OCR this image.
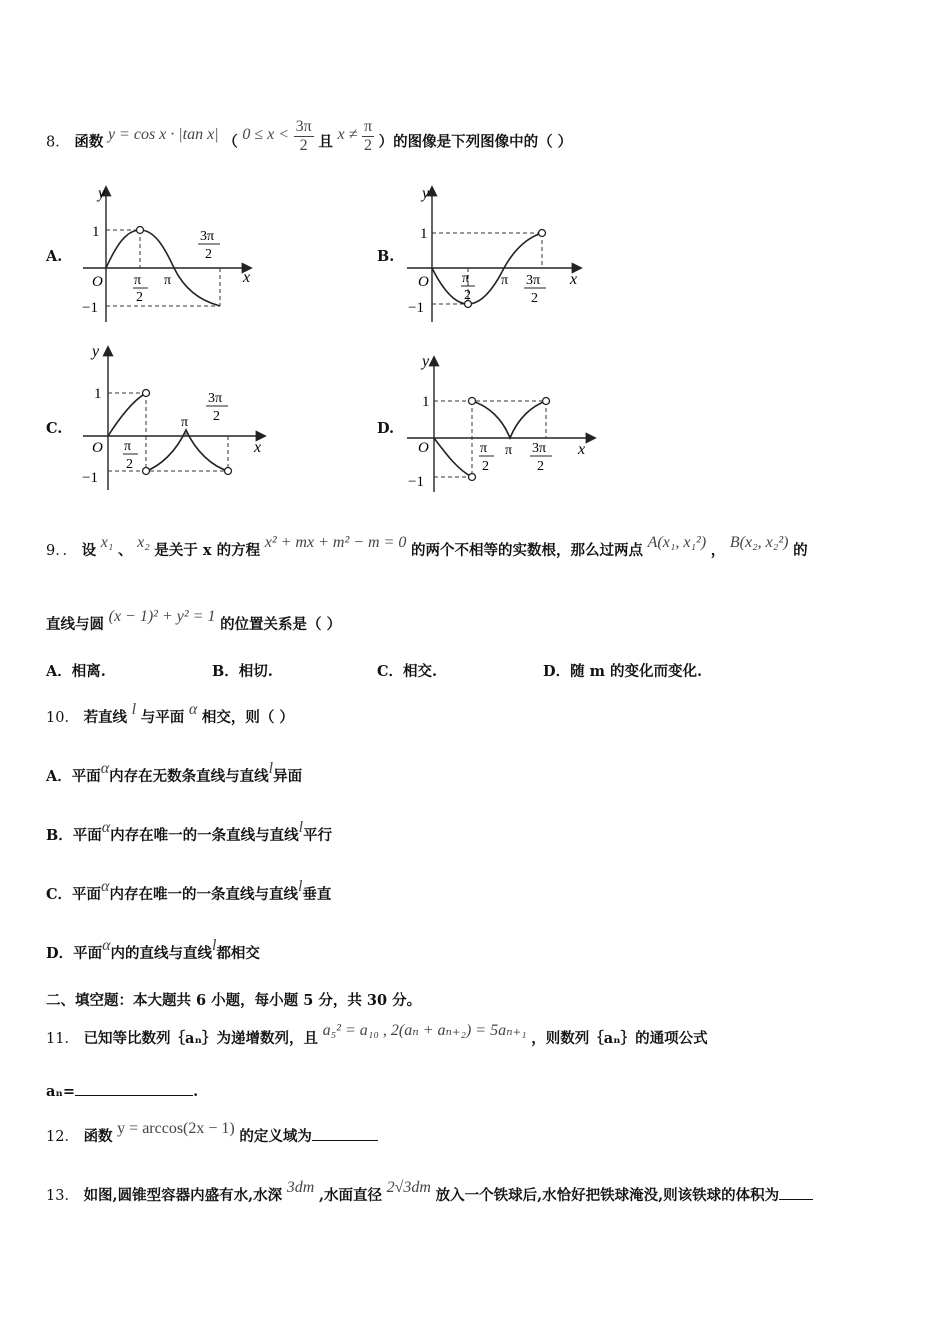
8． 函数 y = cos x · |tan x| （ $0 \le x < \frac{3\pi}{2}$ 且 $x \ne \frac{\pi}{2}$ ）的图像是下列图像中的（ ）
A.	B.
C.	D.
y
x
O
1
−1
π
2
π
3π
2
y
x
O
1
−1
π
2
π 3π
2
y
x
O
1
−1
π
2
π
3π
2
y
x
O
1
−1
π
2
π 3π
2
9．． 设 x₁ 、 x₂ 是关于 x 的方程 x² + mx + m² − m = 0 的两个不相等的实数根，那么过两点 A(x₁, x₁²) ， B(x₂, x₂²) 的
直线与圆 (x − 1)² + y² = 1 的位置关系是（ ）
A．相离.	B．相切.	C．相交.	D．随 m 的变化而变化.
10． 若直线 l 与平面 α 相交，则（ ）
A．平面α内存在无数条直线与直线l异面
B．平面α内存在唯一的一条直线与直线l平行
C．平面α内存在唯一的一条直线与直线l垂直
D．平面α内的直线与直线l都相交
二、填空题：本大题共 6 小题，每小题 5 分，共 30 分。
11． 已知等比数列｛aₙ｝为递增数列，且 a₅² = a₁₀ , 2(aₙ + aₙ₊₂) = 5aₙ₊₁ ，则数列｛aₙ｝的通项公式
aₙ=	.
12． 函数 y = arccos(2x − 1) 的定义域为
13． 如图,圆锥型容器内盛有水,水深 3dm ,水面直径 2√3dm 放入一个铁球后,水恰好把铁球淹没,则该铁球的体积为
